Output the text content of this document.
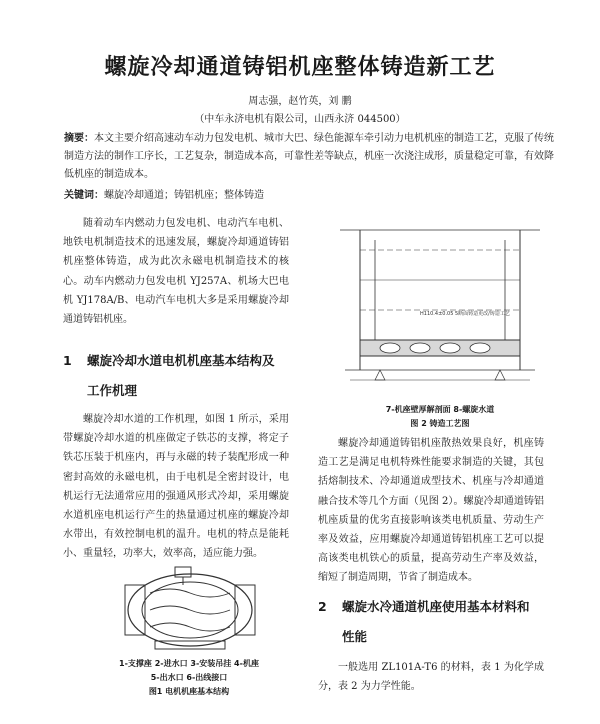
螺旋冷却通道铸铝机座整体铸造新工艺
周志强，赵竹英，刘 鹏
（中车永济电机有限公司，山西永济 044500）
摘要：本文主要介绍高速动车动力包发电机、城市大巴、绿色能源车牵引动力电机机座的制造工艺，克服了传统制造方法的制作工序长，工艺复杂，制造成本高，可靠性差等缺点，机座一次浇注成形，质量稳定可靠，有效降低机座的制造成本。
关键词：螺旋冷却通道；铸铝机座；整体铸造
随着动车内燃动力包发电机、电动汽车电机、地铁电机制造技术的迅速发展，螺旋冷却通道铸铝机座整体铸造，成为此次永磁电机制造技术的核心。动车内燃动力包发电机 YJ257A、机场大巴电机 YJ178A/B、电动汽车电机大多是采用螺旋冷却通道铸铝机座。
1 螺旋冷却水道电机机座基本结构及
工作机理
螺旋冷却水道的工作机理，如图 1 所示，采用带螺旋冷却水道的机座做定子铁芯的支撑，将定子铁芯压装于机座内，再与永磁的转子装配形成一种密封高效的永磁电机，由于电机是全密封设计，电机运行无法通常应用的强通风形式冷却，采用螺旋水道机座电机运行产生的热量通过机座的螺旋冷却水带出，有效控制电机的温升。电机的特点是能耗小、重量轻，功率大，效率高，适应能力强。
1-支撑座 2-进水口 3-安装吊挂 4-机座
5-出水口 6-出线接口
图1 电机机座基本结构
H110.4±0.05 5断面铸造更改/铸造工艺
7-机座壁厚解剖面 8-螺旋水道
图 2 铸造工艺图
螺旋冷却通道铸铝机座散热效果良好，机座铸造工艺是满足电机特殊性能要求制造的关键，其包括熔制技术、冷却通道成型技术、机座与冷却通道融合技术等几个方面（见图 2）。螺旋冷却通道铸铝机座质量的优劣直接影响该类电机质量、劳动生产率及效益，应用螺旋冷却通道铸铝机座工艺可以提高该类电机铁心的质量，提高劳动生产率及效益，缩短了制造周期，节省了制造成本。
2 螺旋水冷通道机座使用基本材料和
性能
一般选用 ZL101A-T6 的材料，表 1 为化学成分，表 2 为力学性能。
